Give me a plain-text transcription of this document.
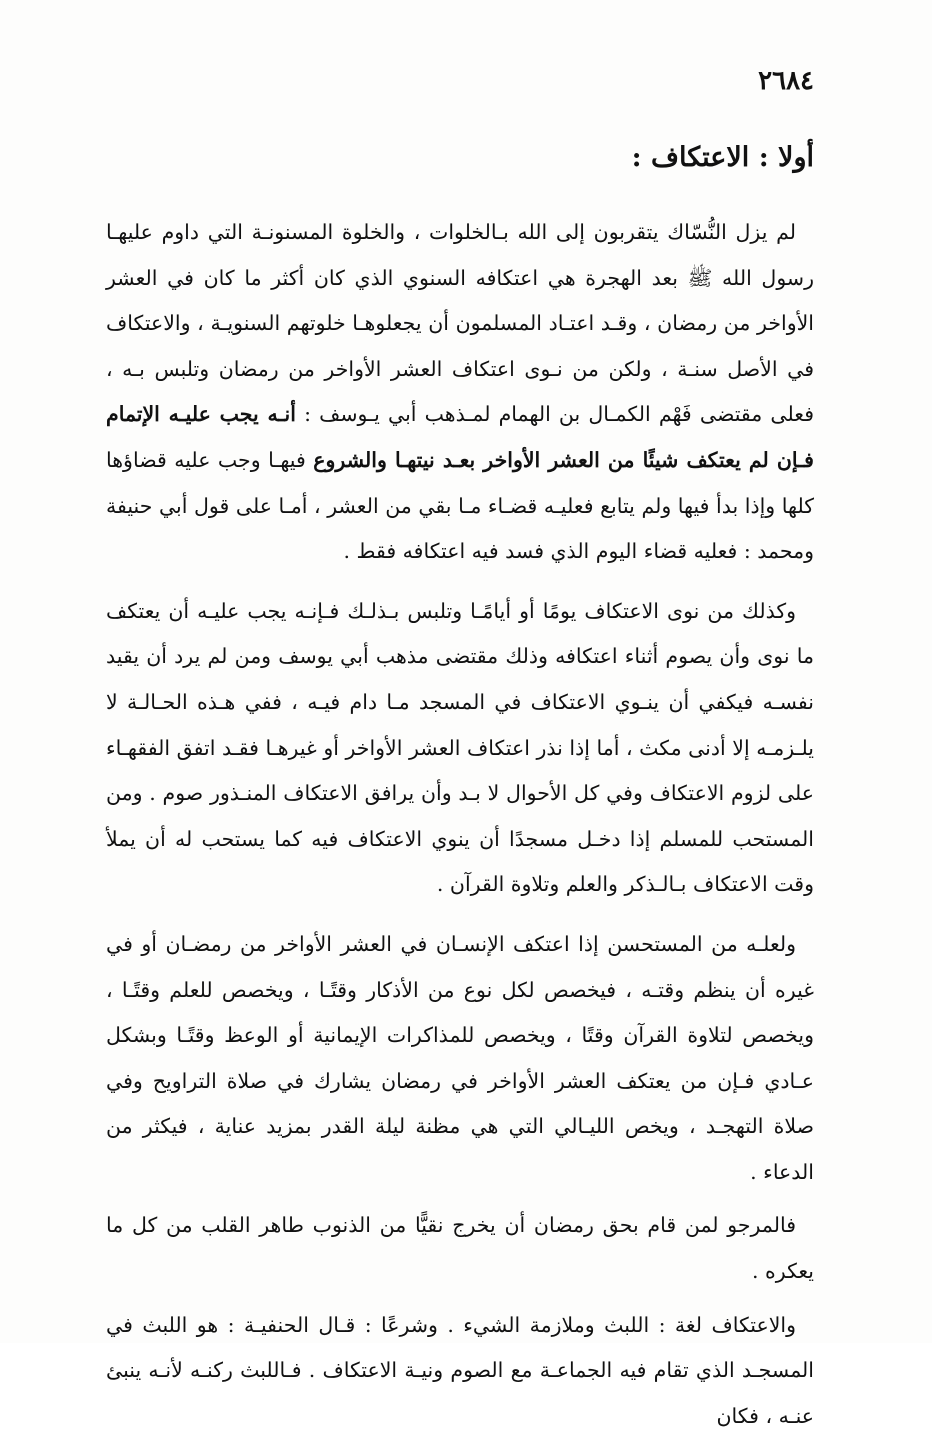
٢٦٨٤
أولا : الاعتكاف :

لم يزل النُّسّاك يتقربون إلى الله بـالخلوات ، والخلوة المسنونـة التي داوم عليهـا رسول الله ﷺ بعد الهجرة هي اعتكافه السنوي الذي كان أكثر ما كان في العشر الأواخر من رمضان ، وقـد اعتـاد المسلمون أن يجعلوهـا خلوتهم السنويـة ، والاعتكاف في الأصل سنـة ، ولكن من نـوى اعتكاف العشر الأواخر من رمضان وتلبس بـه ، فعلى مقتضى فَهْم الكمـال بن الهمام لمـذهب أبي يـوسف : أنـه يجب عليـه الإتمام فـإن لم يعتكف شيئًا من العشر الأواخر بعـد نيتهـا والشروع فيهـا وجب عليه قضاؤها كلها وإذا بدأ فيها ولم يتابع فعليـه قضـاء مـا بقي من العشر ، أمـا على قول أبي حنيفة ومحمد : فعليه قضاء اليوم الذي فسد فيه اعتكافه فقط .

وكذلك من نوى الاعتكاف يومًا أو أيامًـا وتلبس بـذلـك فـإنـه يجب عليـه أن يعتكف ما نوى وأن يصوم أثناء اعتكافه وذلك مقتضى مذهب أبي يوسف ومن لم يرد أن يقيد نفسـه فيكفي أن ينـوي الاعتكاف في المسجد مـا دام فيـه ، ففي هـذه الحـالـة لا يلـزمـه إلا أدنى مكث ، أما إذا نذر اعتكاف العشر الأواخر أو غيرهـا فقـد اتفق الفقهـاء على لزوم الاعتكاف وفي كل الأحوال لا بـد وأن يرافق الاعتكاف المنـذور صوم . ومن المستحب للمسلم إذا دخـل مسجدًا أن ينوي الاعتكاف فيه كما يستحب له أن يملأ وقت الاعتكاف بـالـذكر والعلم وتلاوة القرآن .

ولعلـه من المستحسن إذا اعتكف الإنسـان في العشر الأواخر من رمضـان أو في غيره أن ينظم وقتـه ، فيخصص لكل نوع من الأذكار وقتًـا ، ويخصص للعلم وقتًـا ، ويخصص لتلاوة القرآن وقتًا ، ويخصص للمذاكرات الإيمانية أو الوعظ وقتًـا وبشكل عـادي فـإن من يعتكف العشر الأواخر في رمضان يشارك في صلاة التراويح وفي صلاة التهجـد ، ويخص الليـالي التي هي مظنة ليلة القدر بمزيد عناية ، فيكثر من الدعاء .

فالمرجو لمن قام بحق رمضان أن يخرج نقيًّا من الذنوب طاهر القلب من كل ما يعكره .

والاعتكاف لغة : اللبث وملازمة الشيء . وشرعًا : قـال الحنفيـة : هو اللبث في المسجـد الذي تقام فيه الجماعـة مع الصوم ونيـة الاعتكاف . فـاللبث ركنـه لأنـه ينبئ عنـه ، فكان
